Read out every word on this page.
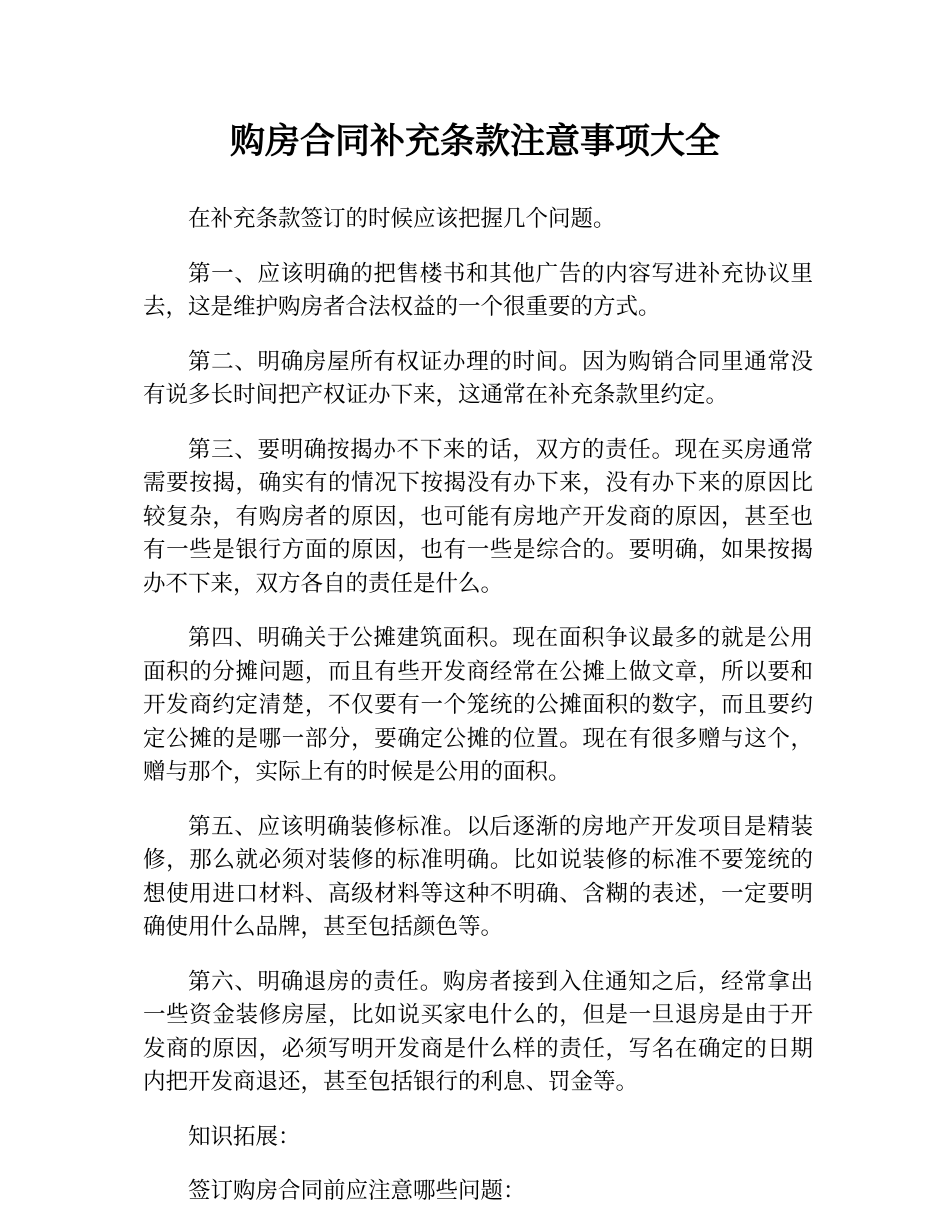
购房合同补充条款注意事项大全

在补充条款签订的时候应该把握几个问题。

第一、应该明确的把售楼书和其他广告的内容写进补充协议里去，这是维护购房者合法权益的一个很重要的方式。

第二、明确房屋所有权证办理的时间。因为购销合同里通常没有说多长时间把产权证办下来，这通常在补充条款里约定。

第三、要明确按揭办不下来的话，双方的责任。现在买房通常需要按揭，确实有的情况下按揭没有办下来，没有办下来的原因比较复杂，有购房者的原因，也可能有房地产开发商的原因，甚至也有一些是银行方面的原因，也有一些是综合的。要明确，如果按揭办不下来，双方各自的责任是什么。

第四、明确关于公摊建筑面积。现在面积争议最多的就是公用面积的分摊问题，而且有些开发商经常在公摊上做文章，所以要和开发商约定清楚，不仅要有一个笼统的公摊面积的数字，而且要约定公摊的是哪一部分，要确定公摊的位置。现在有很多赠与这个，赠与那个，实际上有的时候是公用的面积。

第五、应该明确装修标准。以后逐渐的房地产开发项目是精装修，那么就必须对装修的标准明确。比如说装修的标准不要笼统的想使用进口材料、高级材料等这种不明确、含糊的表述，一定要明确使用什么品牌，甚至包括颜色等。

第六、明确退房的责任。购房者接到入住通知之后，经常拿出一些资金装修房屋，比如说买家电什么的，但是一旦退房是由于开发商的原因，必须写明开发商是什么样的责任，写名在确定的日期内把开发商退还，甚至包括银行的利息、罚金等。

知识拓展：

签订购房合同前应注意哪些问题：
